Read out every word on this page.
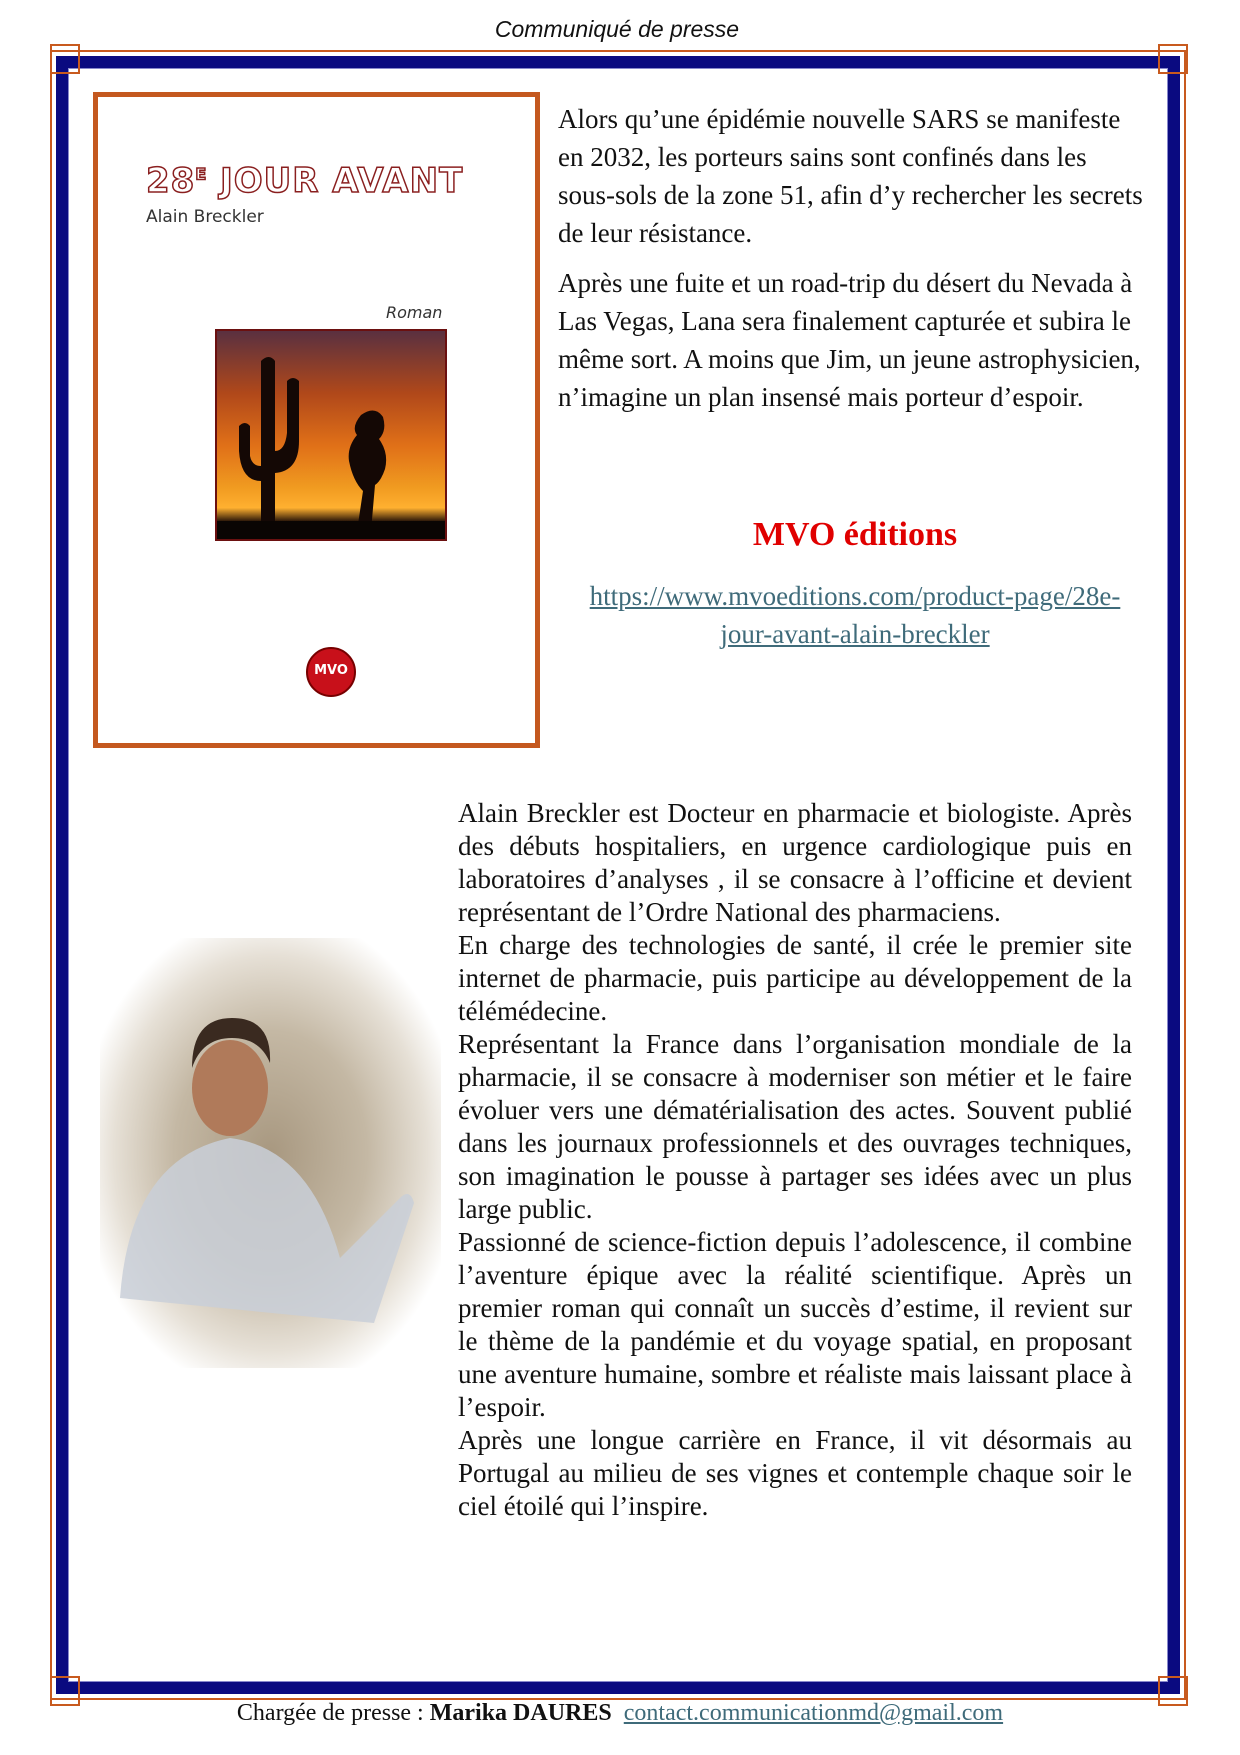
Communiqué de presse
$28^E$ JOUR AVANT
Alain Breckler
Roman
MVO

Alors qu’une épidémie nouvelle SARS se manifeste en 2032, les porteurs sains sont confinés dans les sous-sols de la zone 51, afin d’y rechercher les secrets de leur résistance.

Après une fuite et un road-trip du désert du Nevada à Las Vegas, Lana sera finalement capturée et subira le même sort. A moins que Jim, un jeune astrophysicien, n’imagine un plan insensé mais porteur d’espoir.

MVO éditions
https://www.mvoeditions.com/product-page/28e-jour-avant-alain-breckler

Alain Breckler est Docteur en pharmacie et biologiste. Après des débuts hospitaliers, en urgence cardiologique puis en laboratoires d’analyses , il se consacre à l’officine et devient représentant de l’Ordre National des pharmaciens.

En charge des technologies de santé, il crée le premier site internet de pharmacie, puis participe au développement de la télémédecine.

Représentant la France dans l’organisation mondiale de la pharmacie, il se consacre à moderniser son métier et le faire évoluer vers une dématérialisation des actes. Souvent publié dans les journaux professionnels et des ouvrages techniques, son imagination le pousse à partager ses idées avec un plus large public.

Passionné de science-fiction depuis l’adolescence, il combine l’aventure épique avec la réalité scientifique. Après un premier roman qui connaît un succès d’estime, il revient sur le thème de la pandémie et du voyage spatial, en proposant une aventure humaine, sombre et réaliste mais laissant place à l’espoir.

Après une longue carrière en France, il vit désormais au Portugal au milieu de ses vignes et contemple chaque soir le ciel étoilé qui l’inspire.

Chargée de presse : Marika DAURES contact.communicationmd@gmail.com
